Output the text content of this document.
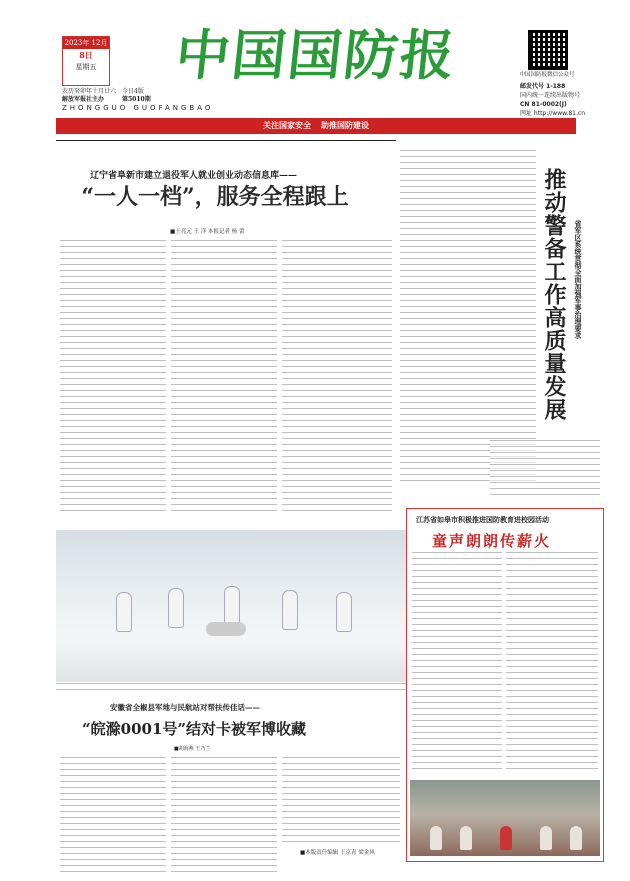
2023年 12月
8日
星期五
农历癸卯年十月廿六
解放军报社主办
今日4版
第5010期
中国国防报
ZHONGGUO GUOFANGBAO
中国国防报微信公众号
邮发代号 1-188
国内统一连续出版物号
CN 81-0002(J)
网址 http://www.81.cn
关注国家安全 助推国防建设
辽宁省阜新市建立退役军人就业创业动态信息库——
“一人一档”，服务全程跟上
■王亮元 王 洋 本报记者 杨 蕾	推动警备工作高质量发展	省军区系统贯彻全面加强军事治理要求
安徽省全椒县军地与民航站对帮扶传佳话——
“皖滁0001号”结对卡被军博收藏
■胡海燕 王乃兰
江苏省如皋市积极推进国防教育进校园活动
童声朗朗传薪火
■本版责任编辑 王京青 梁金风
